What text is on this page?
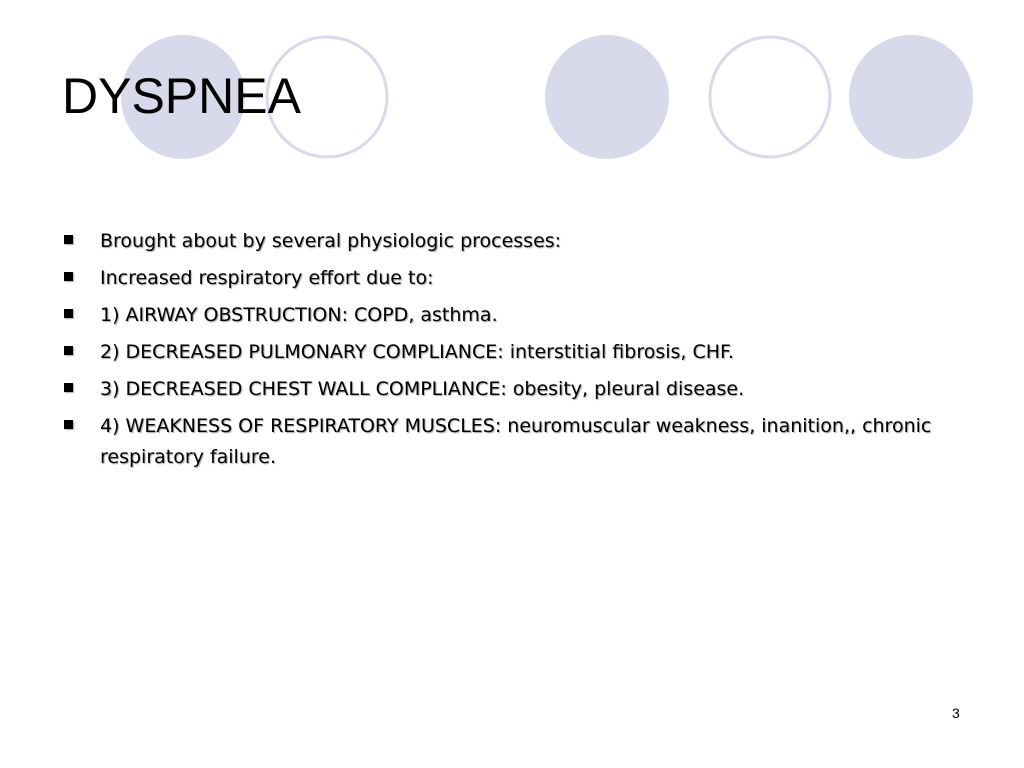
DYSPNEA
Brought about by several physiologic processes:
Increased respiratory effort due to:
1) AIRWAY OBSTRUCTION: COPD, asthma.
2) DECREASED PULMONARY COMPLIANCE: interstitial fibrosis, CHF.
3) DECREASED CHEST WALL COMPLIANCE: obesity, pleural disease.
4) WEAKNESS OF RESPIRATORY MUSCLES: neuromuscular weakness, inanition,, chronic respiratory failure.
3
